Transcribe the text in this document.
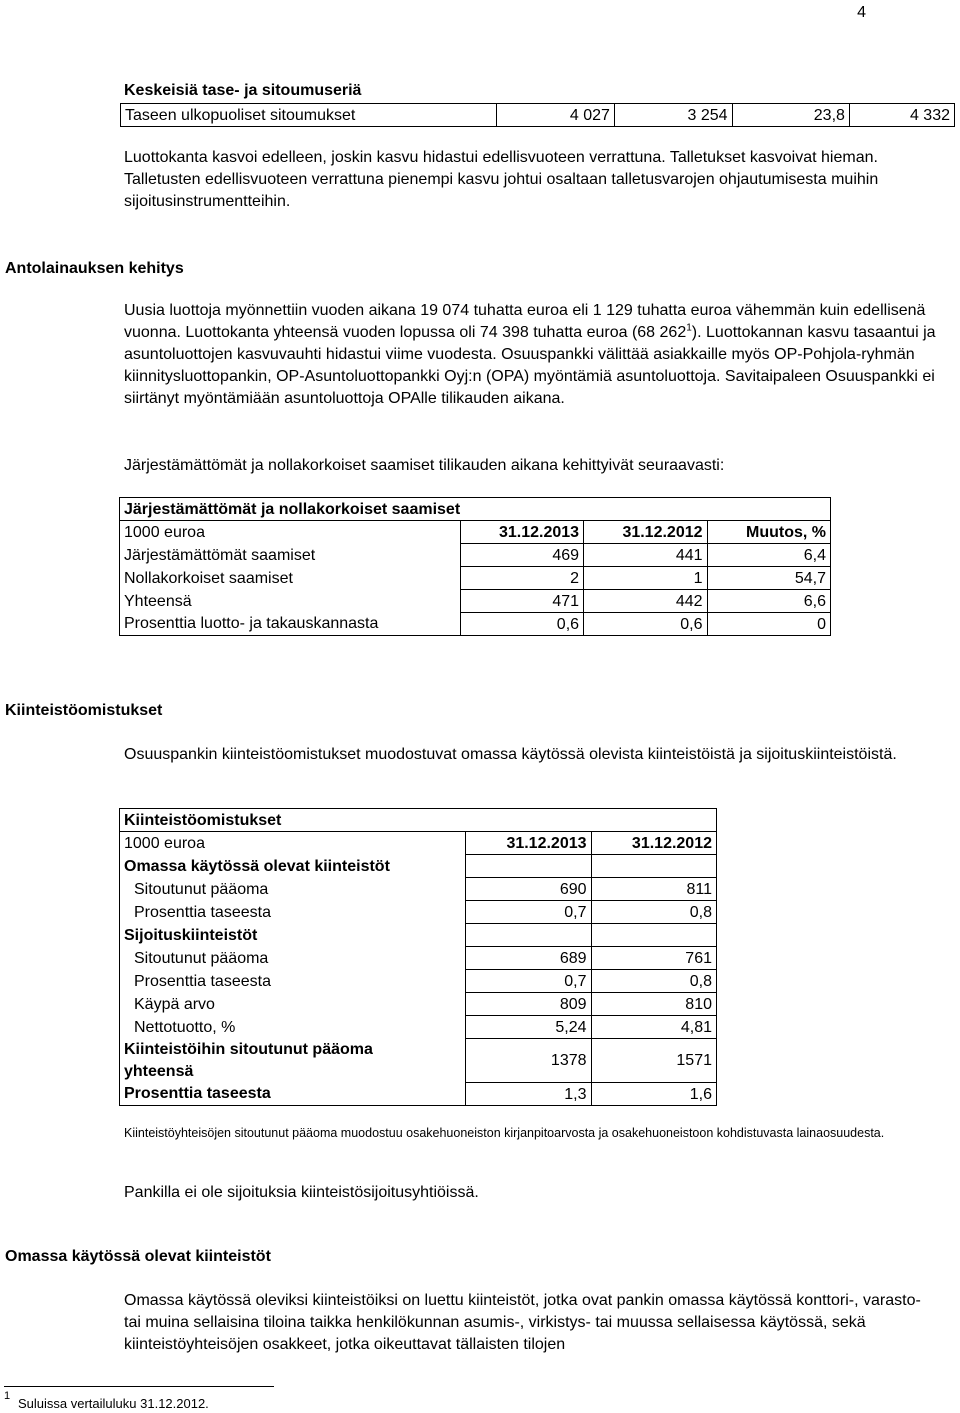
4
Keskeisiä tase- ja sitoumuseriä
Taseen ulkopuoliset sitoumukset	4 027	3 254	23,8	4 332
Luottokanta kasvoi edelleen, joskin kasvu hidastui edellisvuoteen verrattuna. Talletukset kasvoivat hieman. Talletusten edellisvuoteen verrattuna pienempi kasvu johtui osaltaan talletusvarojen ohjautumisesta muihin sijoitusinstrumentteihin.
Antolainauksen kehitys
Uusia luottoja myönnettiin vuoden aikana 19 074 tuhatta euroa eli 1 129 tuhatta euroa vähemmän kuin edellisenä vuonna. Luottokanta yhteensä vuoden lopussa oli 74 398 tuhatta euroa (68 $262^1$). Luottokannan kasvu tasaantui ja asuntoluottojen kasvuvauhti hidastui viime vuodesta. Osuuspankki välittää asiakkaille myös OP-Pohjola-ryhmän kiinnitysluottopankin, OP-Asuntoluottopankki Oyj:n (OPA) myöntämiä asuntoluottoja. Savitaipaleen Osuuspankki ei siirtänyt myöntämiään asuntoluottoja OPAlle tilikauden aikana.
Järjestämättömät ja nollakorkoiset saamiset tilikauden aikana kehittyivät seuraavasti:
Järjestämättömät ja nollakorkoiset saamiset			
1000 euroa	31.12.2013	31.12.2012	Muutos, %
Järjestämättömät saamiset	469	441	6,4
Nollakorkoiset saamiset	2	1	54,7
Yhteensä	471	442	6,6
Prosenttia luotto- ja takauskannasta	0,6	0,6	0
Kiinteistöomistukset
Osuuspankin kiinteistöomistukset muodostuvat omassa käytössä olevista kiinteistöistä ja sijoituskiinteistöistä.
Kiinteistöomistukset		
1000 euroa	31.12.2013	31.12.2012
Omassa käytössä olevat kiinteistöt		
Sitoutunut pääoma	690	811
Prosenttia taseesta	0,7	0,8
Sijoituskiinteistöt		
Sitoutunut pääoma	689	761
Prosenttia taseesta	0,7	0,8
Käypä arvo	809	810
Nettotuotto, %	5,24	4,81

Kiinteistöihin sitoutunut pääoma
yhteensä	1378	1571
Prosenttia taseesta	1,3	1,6
Kiinteistöyhteisöjen sitoutunut pääoma muodostuu osakehuoneiston kirjanpitoarvosta ja osakehuoneistoon kohdistuvasta lainaosuudesta.
Pankilla ei ole sijoituksia kiinteistösijoitusyhtiöissä.
Omassa käytössä olevat kiinteistöt
Omassa käytössä oleviksi kiinteistöiksi on luettu kiinteistöt, jotka ovat pankin omassa käytössä konttori-, varasto- tai muina sellaisina tiloina taikka henkilökunnan asumis-, virkistys- tai muussa sellaisessa käytössä, sekä kiinteistöyhteisöjen osakkeet, jotka oikeuttavat tällaisten tilojen
1 Suluissa vertailuluku 31.12.2012.
